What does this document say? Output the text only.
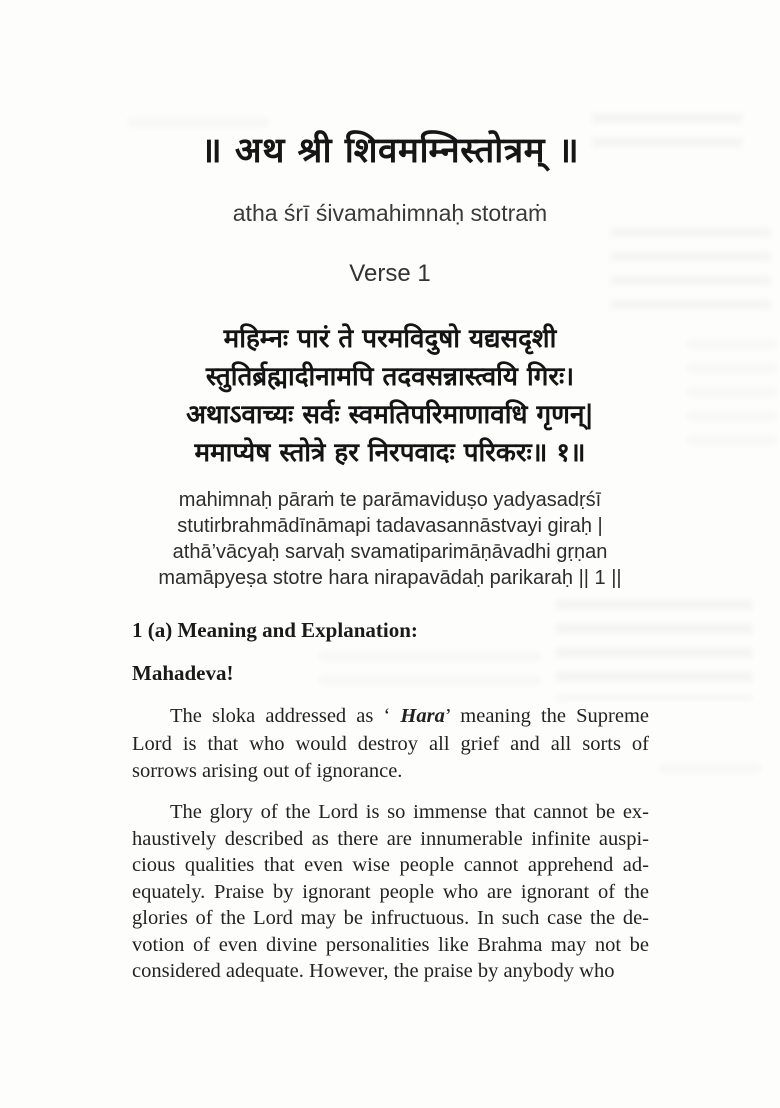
॥ अथ श्री शिवमम्निस्तोत्रम् ॥
atha śrī śivamahimnaḥ stotraṁ
Verse 1
महिम्नः पारं ते परमविदुषो यद्यसदृशी
स्तुतिर्ब्रह्मादीनामपि तदवसन्नास्त्वयि गिरः।
अथाऽवाच्यः सर्वः स्वमतिपरिमाणावधि गृणन्|
ममाप्येष स्तोत्रे हर निरपवादः परिकरः॥ १॥
mahimnaḥ pāraṁ te parāmaviduṣo yadyasadṛśī
stutirbrahmādīnāmapi tadavasannāstvayi giraḥ |
athā’vācyaḥ sarvaḥ svamatiparimāṇāvadhi gṛṇan
mamāpyeṣa stotre hara nirapavādaḥ parikaraḥ || 1 ||
1 (a) Meaning and Explanation:
Mahadeva!
The sloka addressed as ‘ Hara’ meaning the Supreme
Lord is that who would destroy all grief and all sorts of
sorrows arising out of ignorance.
The glory of the Lord is so immense that cannot be ex-
haustively described as there are innumerable infinite auspi-
cious qualities that even wise people cannot apprehend ad-
equately. Praise by ignorant people who are ignorant of the
glories of the Lord may be infructuous. In such case the de-
votion of even divine personalities like Brahma may not be
considered adequate. However, the praise by anybody who
